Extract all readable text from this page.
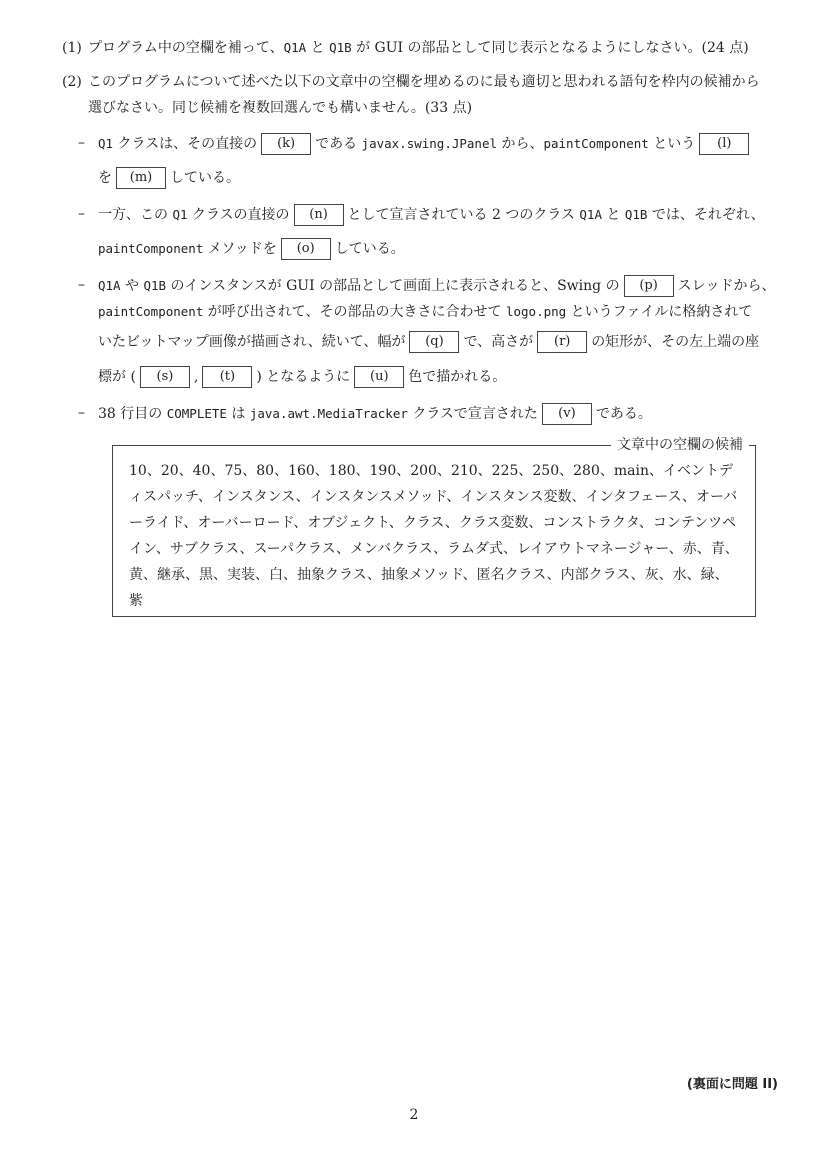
(1) プログラム中の空欄を補って、Q1A と Q1B が GUI の部品として同じ表示となるようにしなさい。(24 点)
(2) このプログラムについて述べた以下の文章中の空欄を埋めるのに最も適切と思われる語句を枠内の候補から
選びなさい。同じ候補を複数回選んでも構いません。(33 点)
– Q1 クラスは、その直接の (k) である javax.swing.JPanel から、paintComponent という (l)
を (m) している。
– 一方、この Q1 クラスの直接の (n) として宣言されている 2 つのクラス Q1A と Q1B では、それぞれ、
paintComponent メソッドを (o) している。
– Q1A や Q1B のインスタンスが GUI の部品として画面上に表示されると、Swing の (p) スレッドから、
paintComponent が呼び出されて、その部品の大きさに合わせて logo.png というファイルに格納されて
いたビットマップ画像が描画され、続いて、幅が (q) で、高さが (r) の矩形が、その左上端の座
標が ( (s) , (t) ) となるように (u) 色で描かれる。
– 38 行目の COMPLETE は java.awt.MediaTracker クラスで宣言された (v) である。
文章中の空欄の候補
10、20、40、75、80、160、180、190、200、210、225、250、280、main、イベントディスパッチ、インスタンス、インスタンスメソッド、インスタンス変数、インタフェース、オーバーライド、オーバーロード、オブジェクト、クラス、クラス変数、コンストラクタ、コンテンツペイン、サブクラス、スーパクラス、メンバクラス、ラムダ式、レイアウトマネージャー、赤、青、黄、継承、黒、実装、白、抽象クラス、抽象メソッド、匿名クラス、内部クラス、灰、水、緑、紫
(裏面に問題 II)
2
